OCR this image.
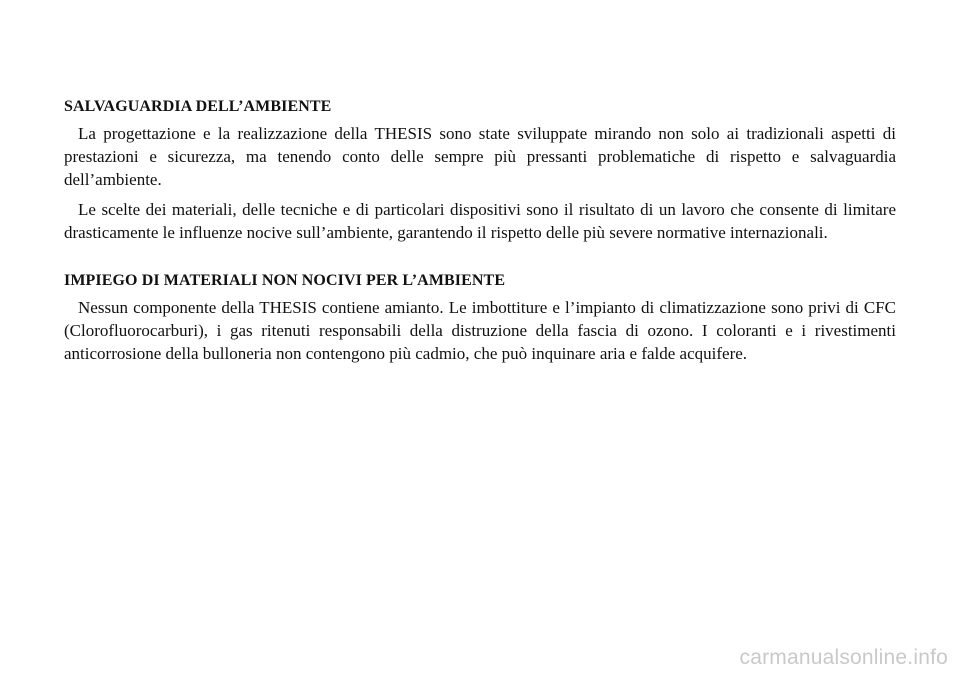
SALVAGUARDIA DELL’AMBIENTE

La progettazione e la realizzazione della THESIS sono state sviluppate mirando non solo ai tradizionali aspetti di prestazioni e sicurezza, ma tenendo conto delle sempre più pressanti problematiche di rispetto e salvaguardia dell’ambiente.

Le scelte dei materiali, delle tecniche e di particolari dispositivi sono il risultato di un lavoro che consente di limitare drasticamente le influenze nocive sull’ambiente, garantendo il rispetto delle più severe normative internazionali.

IMPIEGO DI MATERIALI NON NOCIVI PER L’AMBIENTE

Nessun componente della THESIS contiene amianto. Le imbottiture e l’impianto di climatizzazione sono privi di CFC (Clorofluorocarburi), i gas ritenuti responsabili della distruzione della fascia di ozono. I coloranti e i rivestimenti anticorrosione della bulloneria non contengono più cadmio, che può inquinare aria e falde acquifere.

carmanualsonline.info
